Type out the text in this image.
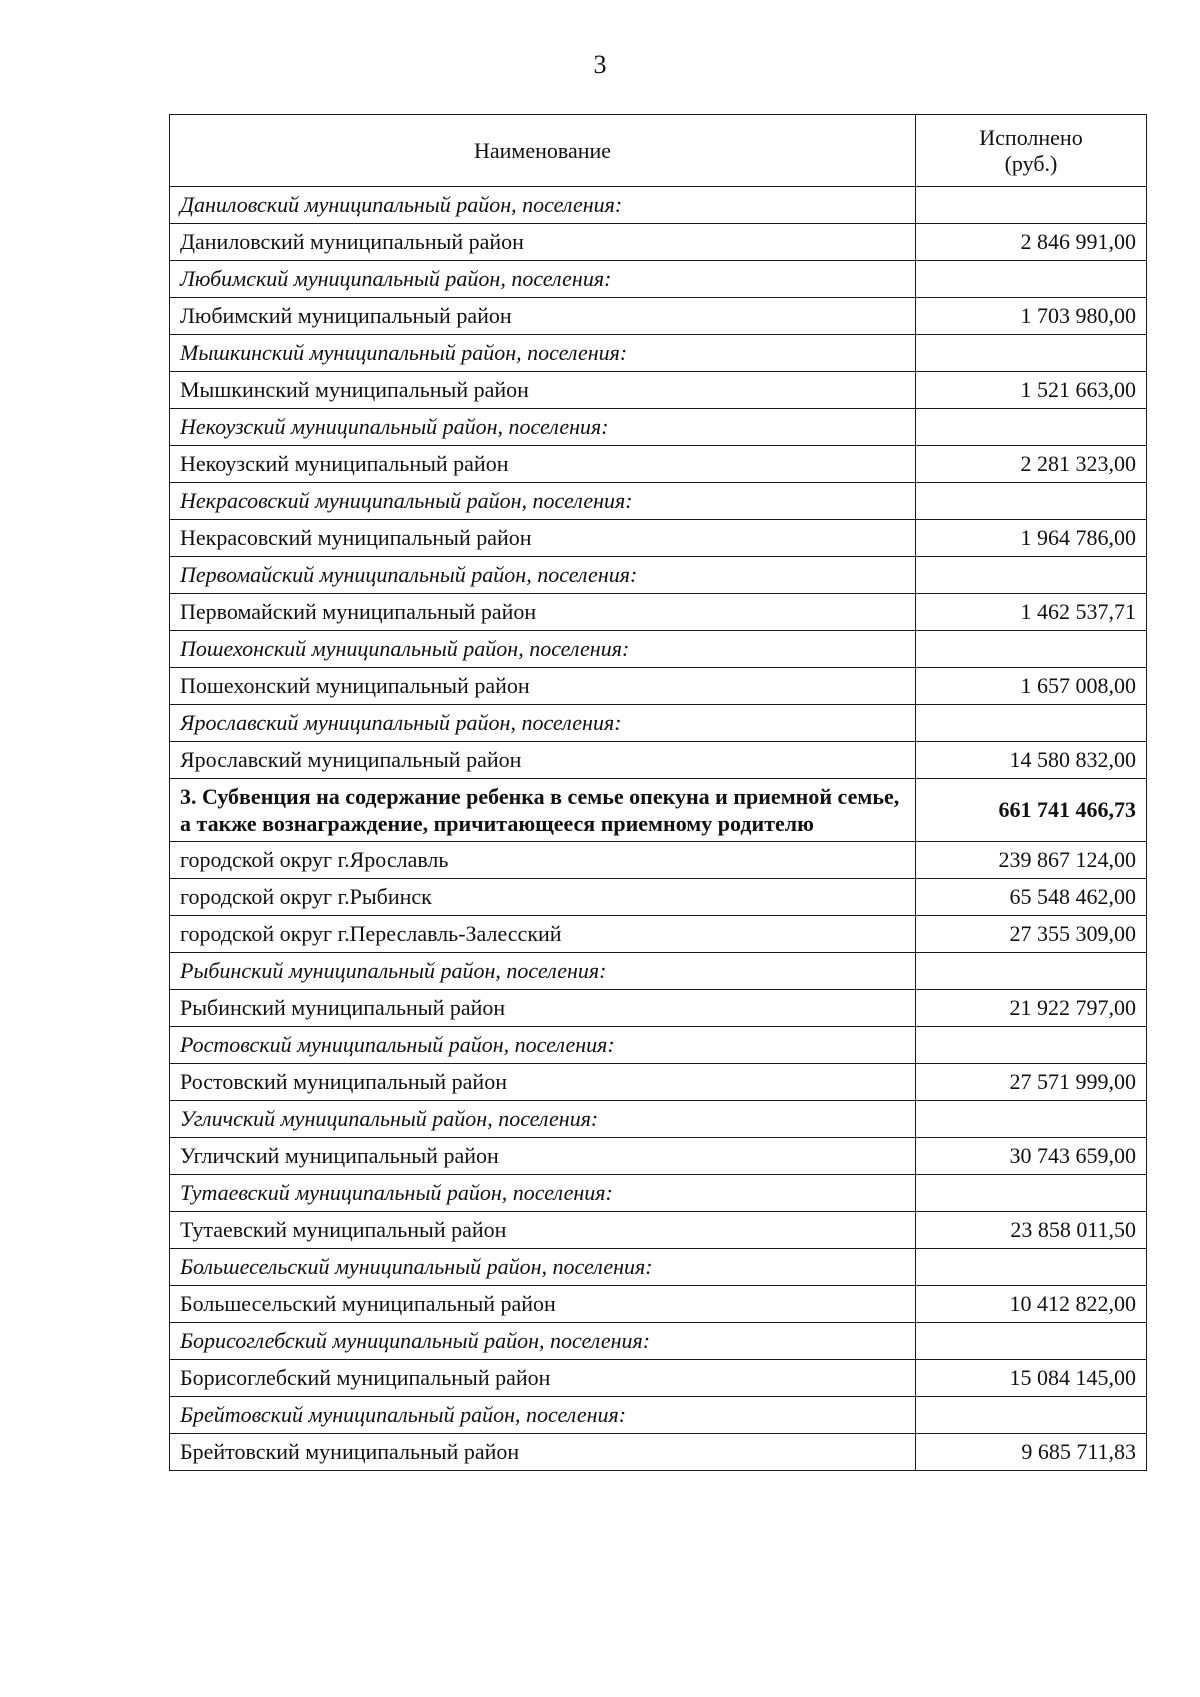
3
Наименование	Исполнено
(руб.)
Даниловский муниципальный район, поселения:	
Даниловский муниципальный район	2 846 991,00
Любимский муниципальный район, поселения:	
Любимский муниципальный район	1 703 980,00
Мышкинский муниципальный район, поселения:	
Мышкинский муниципальный район	1 521 663,00
Некоузский муниципальный район, поселения:	
Некоузский муниципальный район	2 281 323,00
Некрасовский муниципальный район, поселения:	
Некрасовский муниципальный район	1 964 786,00
Первомайский муниципальный район, поселения:	
Первомайский муниципальный район	1 462 537,71
Пошехонский муниципальный район, поселения:	
Пошехонский муниципальный район	1 657 008,00
Ярославский муниципальный район, поселения:	
Ярославский муниципальный район	14 580 832,00
3. Субвенция на содержание ребенка в семье опекуна и приемной семье, а также вознаграждение, причитающееся приемному родителю	661 741 466,73
городской округ г.Ярославль	239 867 124,00
городской округ г.Рыбинск	65 548 462,00
городской округ г.Переславль-Залесский	27 355 309,00
Рыбинский муниципальный район, поселения:	
Рыбинский муниципальный район	21 922 797,00
Ростовский муниципальный район, поселения:	
Ростовский муниципальный район	27 571 999,00
Угличский муниципальный район, поселения:	
Угличский муниципальный район	30 743 659,00
Тутаевский муниципальный район, поселения:	
Тутаевский муниципальный район	23 858 011,50
Большесельский муниципальный район, поселения:	
Большесельский муниципальный район	10 412 822,00
Борисоглебский муниципальный район, поселения:	
Борисоглебский муниципальный район	15 084 145,00
Брейтовский муниципальный район, поселения:	
Брейтовский муниципальный район	9 685 711,83
